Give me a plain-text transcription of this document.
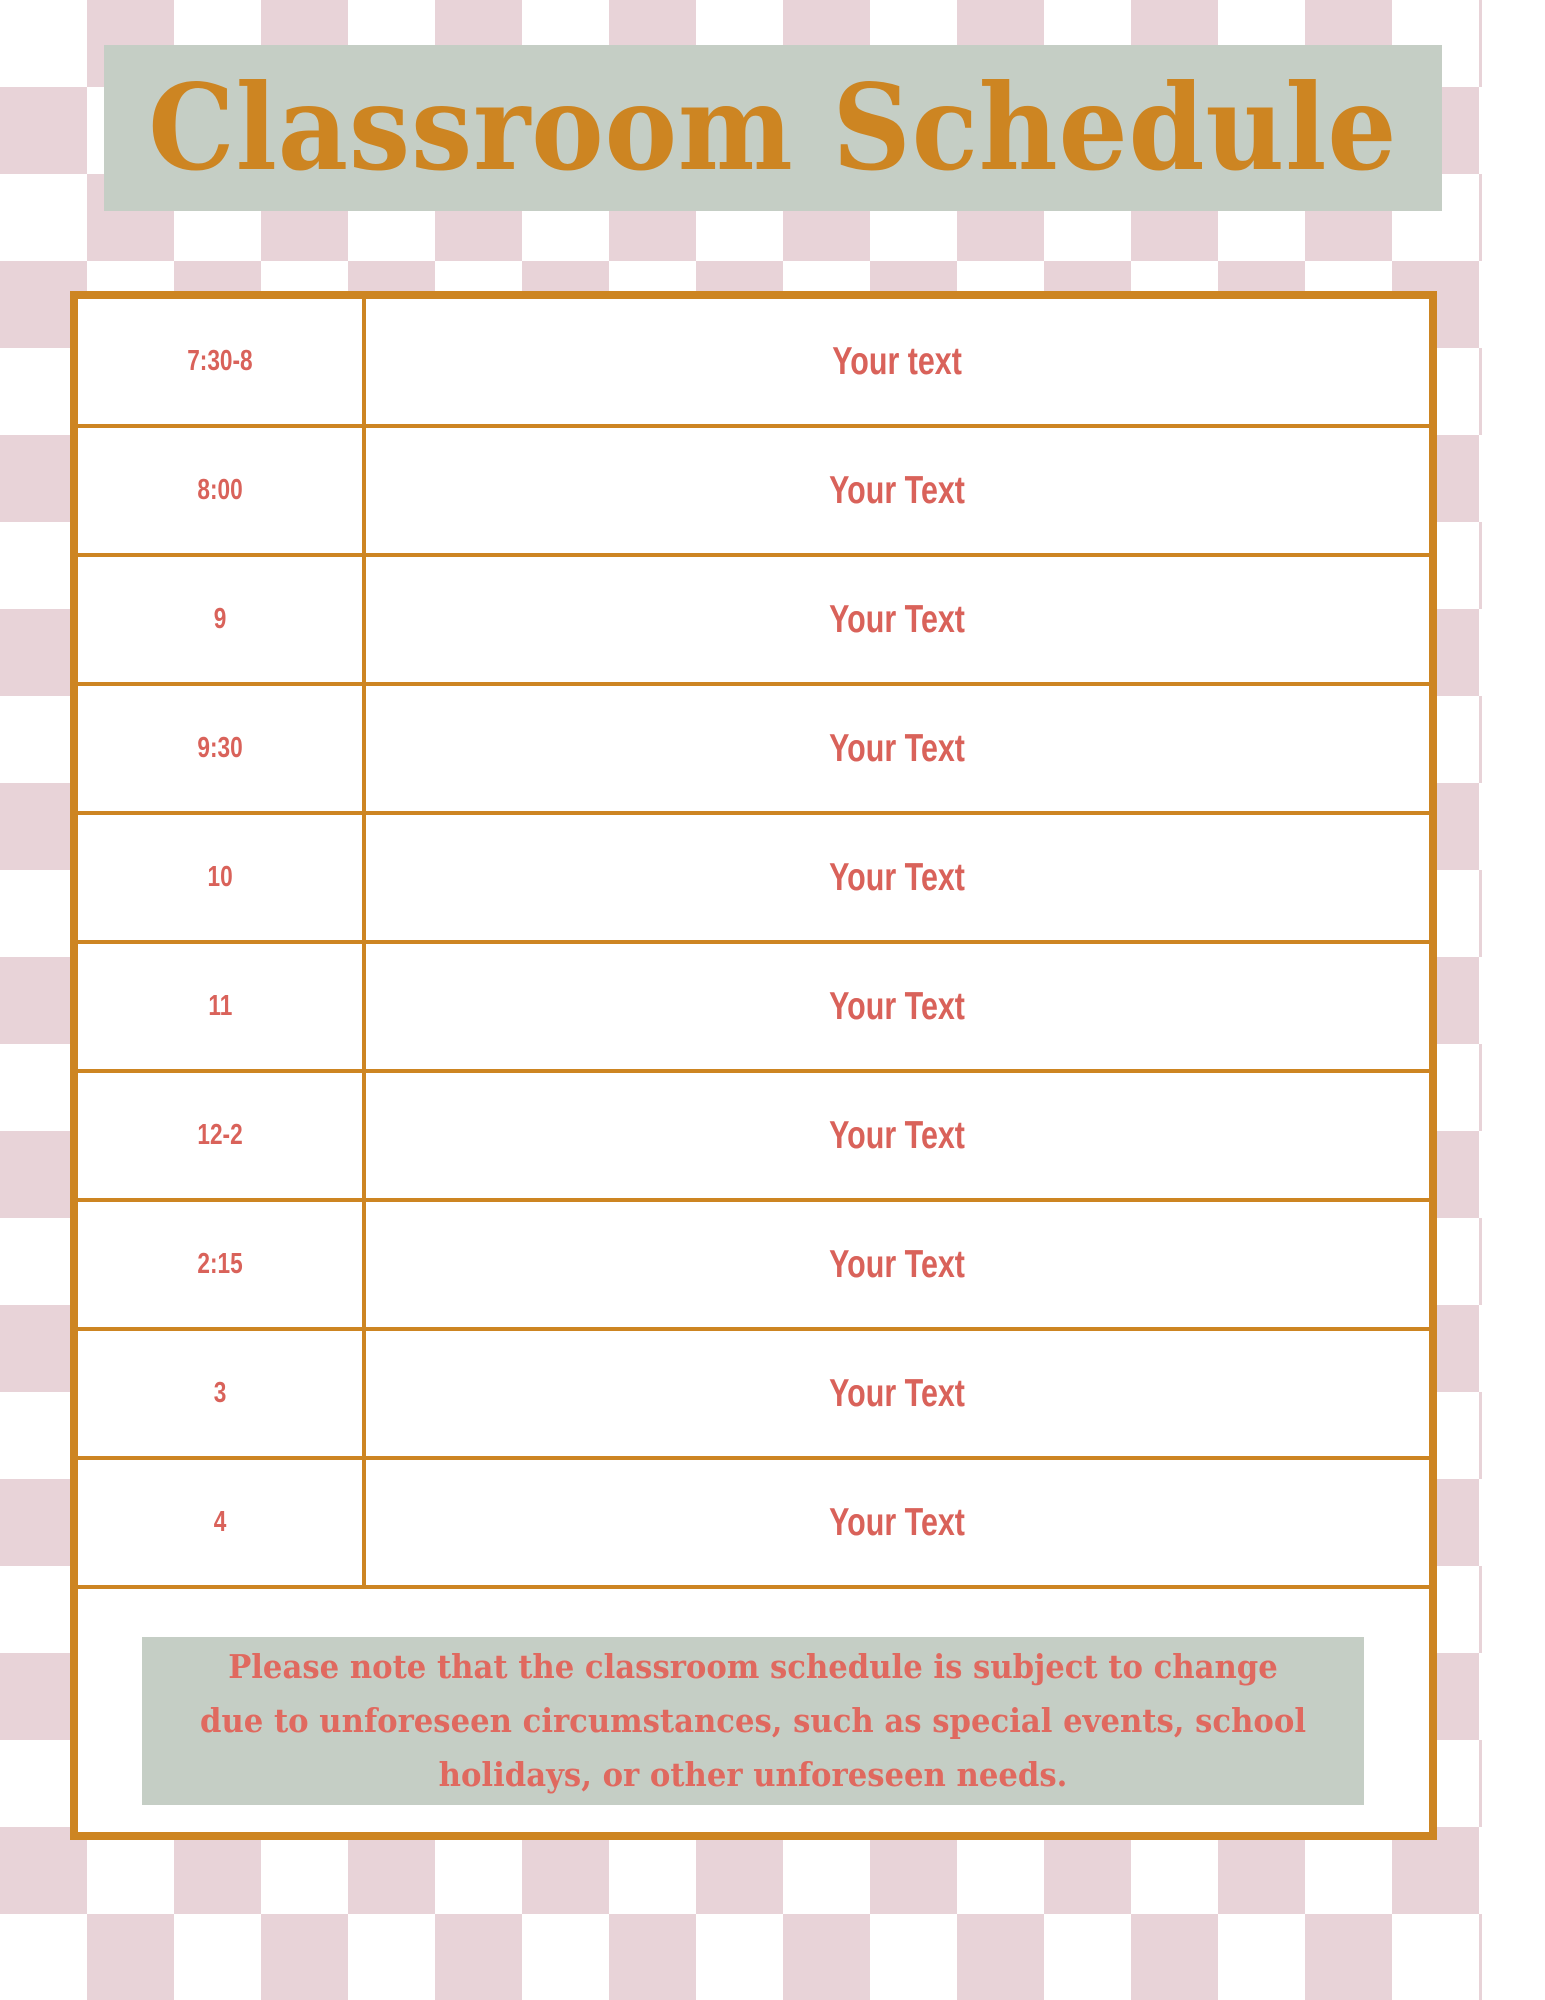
Classroom Schedule
7:30-8	Your text
8:00	Your Text
9	Your Text
9:30	Your Text
10	Your Text
11	Your Text
12-2	Your Text
2:15	Your Text
3	Your Text
4	Your Text
Please note that the classroom schedule is subject to change due to unforeseen circumstances, such as special events, school holidays, or other unforeseen needs.
